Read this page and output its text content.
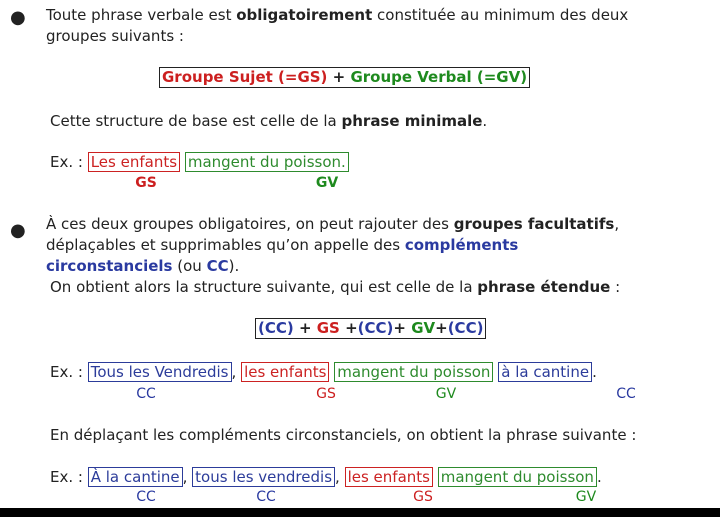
● Toute phrase verbale est obligatoirement constituée au minimum des deux
groupes suivants :
Groupe Sujet (=GS) + Groupe Verbal (=GV)
Cette structure de base est celle de la phrase minimale.
Ex. : Les enfants mangent du poisson.
GS	GV
● À ces deux groupes obligatoires, on peut rajouter des groupes facultatifs,
déplaçables et supprimables qu’on appelle des compléments
circonstanciels (ou CC).
On obtient alors la structure suivante, qui est celle de la phrase étendue :
(CC) + GS +(CC)+ GV+(CC)
Ex. : Tous les Vendredis , les enfants mangent du poisson à la cantine .
CC	GS	GV	CC
En déplaçant les compléments circonstanciels, on obtient la phrase suivante :
Ex. : À la cantine , tous les vendredis , les enfants mangent du poisson .
CC	CC	GS	GV
